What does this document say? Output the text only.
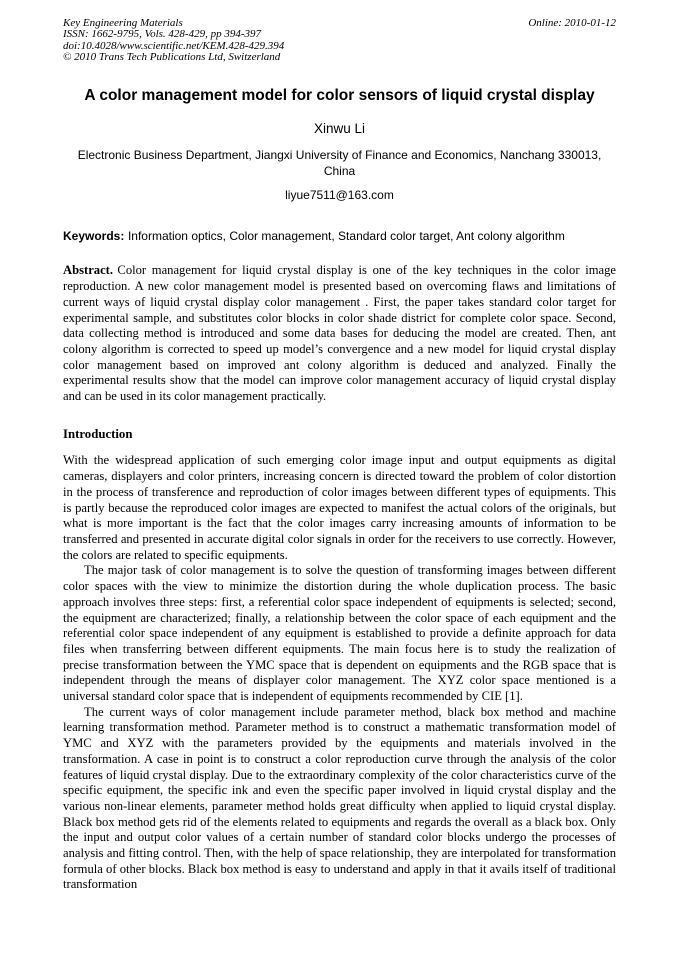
Key Engineering Materials
ISSN: 1662-9795, Vols. 428-429, pp 394-397
doi:10.4028/www.scientific.net/KEM.428-429.394
© 2010 Trans Tech Publications Ltd, Switzerland
Online: 2010-01-12
A color management model for color sensors of liquid crystal display
Xinwu Li
Electronic Business Department, Jiangxi University of Finance and Economics, Nanchang 330013,
China
liyue7511@163.com
Keywords: Information optics, Color management, Standard color target, Ant colony algorithm

Abstract. Color management for liquid crystal display is one of the key techniques in the color image reproduction. A new color management model is presented based on overcoming flaws and limitations of current ways of liquid crystal display color management . First, the paper takes standard color target for experimental sample, and substitutes color blocks in color shade district for complete color space. Second, data collecting method is introduced and some data bases for deducing the model are created. Then, ant colony algorithm is corrected to speed up model’s convergence and a new model for liquid crystal display color management based on improved ant colony algorithm is deduced and analyzed. Finally the experimental results show that the model can improve color management accuracy of liquid crystal display and can be used in its color management practically.

Introduction

With the widespread application of such emerging color image input and output equipments as digital cameras, displayers and color printers, increasing concern is directed toward the problem of color distortion in the process of transference and reproduction of color images between different types of equipments. This is partly because the reproduced color images are expected to manifest the actual colors of the originals, but what is more important is the fact that the color images carry increasing amounts of information to be transferred and presented in accurate digital color signals in order for the receivers to use correctly. However, the colors are related to specific equipments.

The major task of color management is to solve the question of transforming images between different color spaces with the view to minimize the distortion during the whole duplication process. The basic approach involves three steps: first, a referential color space independent of equipments is selected; second, the equipment are characterized; finally, a relationship between the color space of each equipment and the referential color space independent of any equipment is established to provide a definite approach for data files when transferring between different equipments. The main focus here is to study the realization of precise transformation between the YMC space that is dependent on equipments and the RGB space that is independent through the means of displayer color management. The XYZ color space mentioned is a universal standard color space that is independent of equipments recommended by CIE [1].

The current ways of color management include parameter method, black box method and machine learning transformation method. Parameter method is to construct a mathematic transformation model of YMC and XYZ with the parameters provided by the equipments and materials involved in the transformation. A case in point is to construct a color reproduction curve through the analysis of the color features of liquid crystal display. Due to the extraordinary complexity of the color characteristics curve of the specific equipment, the specific ink and even the specific paper involved in liquid crystal display and the various non-linear elements, parameter method holds great difficulty when applied to liquid crystal display. Black box method gets rid of the elements related to equipments and regards the overall as a black box. Only the input and output color values of a certain number of standard color blocks undergo the processes of analysis and fitting control. Then, with the help of space relationship, they are interpolated for transformation formula of other blocks. Black box method is easy to understand and apply in that it avails itself of traditional transformation
